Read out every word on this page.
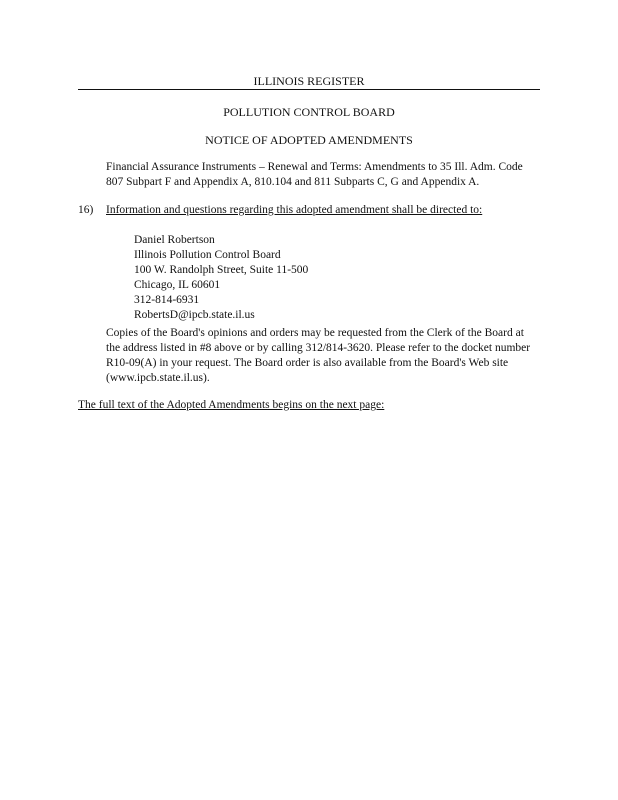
ILLINOIS REGISTER
POLLUTION CONTROL BOARD
NOTICE OF ADOPTED AMENDMENTS
Financial Assurance Instruments – Renewal and Terms: Amendments to 35 Ill. Adm. Code 807 Subpart F and Appendix A, 810.104 and 811 Subparts C, G and Appendix A.
16) Information and questions regarding this adopted amendment shall be directed to:
Daniel Robertson
Illinois Pollution Control Board
100 W. Randolph Street, Suite 11-500
Chicago, IL 60601
312-814-6931
RobertsD@ipcb.state.il.us
Copies of the Board's opinions and orders may be requested from the Clerk of the Board at the address listed in #8 above or by calling 312/814-3620. Please refer to the docket number R10-09(A) in your request. The Board order is also available from the Board's Web site (www.ipcb.state.il.us).
The full text of the Adopted Amendments begins on the next page:
